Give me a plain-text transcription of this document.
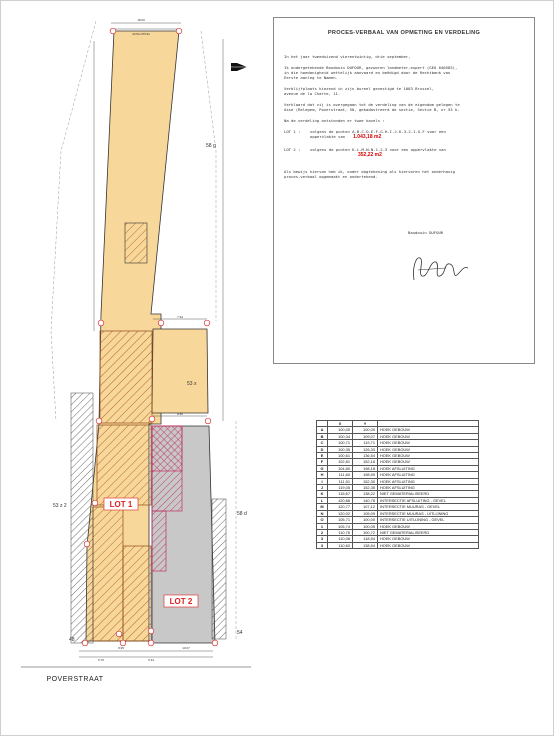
18.00
AFSLUITING
7.94
8.86
8.95	10.07
5.70	5.44
58 g
53 x
53 z 2
58 d
48
54
LOT 1
LOT 2
POVERSTRAAT
PROCES-VERBAAL VAN OPMETING EN VERDELING

In het jaar tweeduizend vierentwintig, drie september,

Ik ondergetekende Baudouin DUFOUR, gezworen landmeter-expert (GEO 040583),
in die hoedanigheid wettelijk aanvaard en beëdigd door de Rechtbank van
Eerste aanleg te Namen.

Verblijfplaats kiezend in zijn bureel gevestigd te 1083 Brussel,
avenue de la Charte, 11.

Verklaard dat zij is overgegaan tot de verdeling van de eigendom gelegen te
Asse (Relegem, Poverstraat, 50, gekadastreerd de sectie, Sectie B, nr 53 k.

Na de verdeling ontstonden er twee kavels :

LOT 1 :	volgens de punten A-B-C-D-E-F-G-H-I-J-K-3-2-1-G-F voor een
oppervlakte van 1.043,18 m2
LOT 2 :	volgens de punten K-L-M-N-N-1-2-3 voor een oppervlakte van
352,22 m2

Als bewijs hiervan heb ik, onder dagtekening als hiervoren het onderhavig
proces-verbaal opgemaakt en ondertekend.

Baudouin DUFOUR
	X	Y	
A	100,00	100,00	HOEK GEBOUW
B	100,34	109,07	HOEK GEBOUW
C	100,71	119,71	HOEK GEBOUW
D	100,35	126,33	HOEK GEBOUW
E	100,61	136,54	HOEK GEBOUW
F	102,81	152,16	HOEK GEBOUW
G	104,80	198,18	HOEK AFSLUITING
H	111,60	198,59	HOEK AFSLUITING
I	111,51	152,30	HOEK AFSLUITING
J	119,05	152,35	HOEK AFSLUITING
K	118,67	138,22	NIET GEMATERIALISEERD
L	120,86	140,78	INTERSECTIE AFSLUITING - GEVEL
M	120,77	107,12	INTERSECTIE MUURAS - GEVEL
N	120,02	105,09	INTERSECTIE MUURAS - UITLIJNING
O	105,71	100,00	INTERSECTIE UITLIJNING - GEVEL
1	105,74	100,05	HOEK GEBOUW
2	110,76	100,72	NIET GEMATERIALISEERD
3	110,06	118,54	HOEK GEBOUW
3	110,60	138,54	HOEK GEBOUW
